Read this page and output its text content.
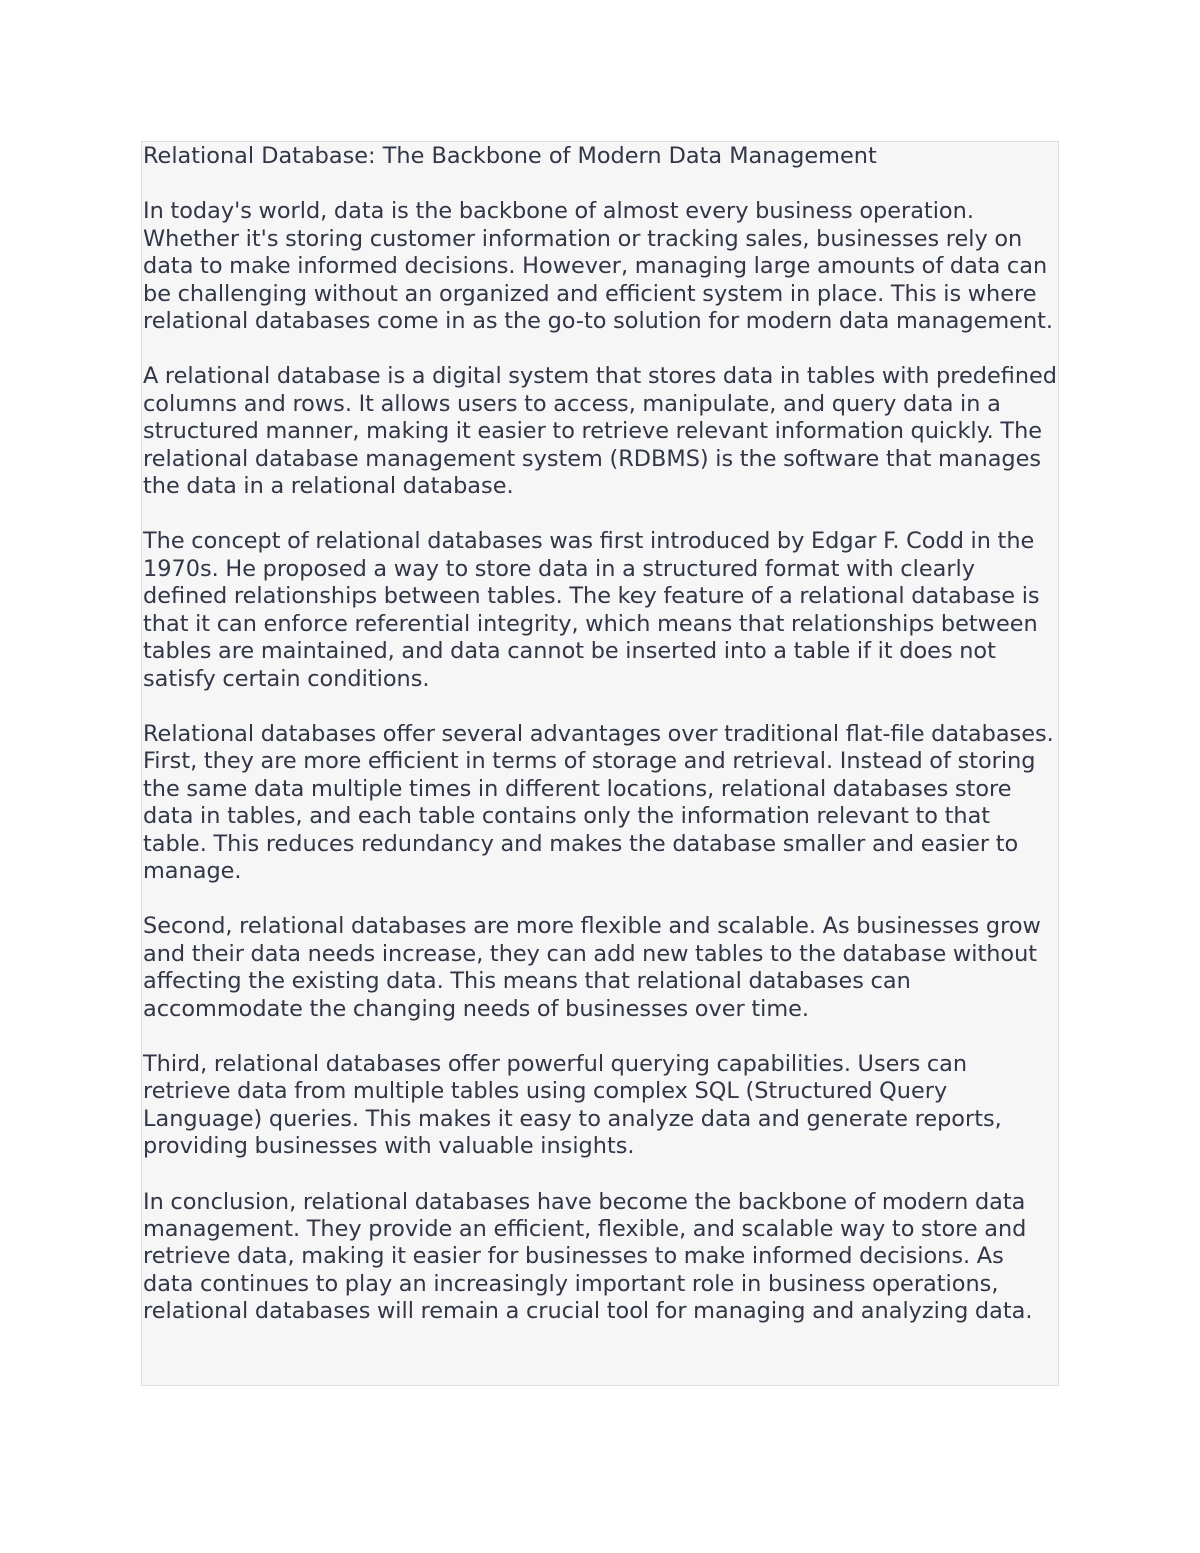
Relational Database: The Backbone of Modern Data Management

In today's world, data is the backbone of almost every business operation. Whether it's storing customer information or tracking sales, businesses rely on data to make informed decisions. However, managing large amounts of data can be challenging without an organized and efficient system in place. This is where relational databases come in as the go-to solution for modern data management.

A relational database is a digital system that stores data in tables with predefined columns and rows. It allows users to access, manipulate, and query data in a structured manner, making it easier to retrieve relevant information quickly. The relational database management system (RDBMS) is the software that manages the data in a relational database.

The concept of relational databases was first introduced by Edgar F. Codd in the 1970s. He proposed a way to store data in a structured format with clearly defined relationships between tables. The key feature of a relational database is that it can enforce referential integrity, which means that relationships between tables are maintained, and data cannot be inserted into a table if it does not satisfy certain conditions.

Relational databases offer several advantages over traditional flat-file databases. First, they are more efficient in terms of storage and retrieval. Instead of storing the same data multiple times in different locations, relational databases store data in tables, and each table contains only the information relevant to that table. This reduces redundancy and makes the database smaller and easier to manage.

Second, relational databases are more flexible and scalable. As businesses grow and their data needs increase, they can add new tables to the database without affecting the existing data. This means that relational databases can accommodate the changing needs of businesses over time.

Third, relational databases offer powerful querying capabilities. Users can retrieve data from multiple tables using complex SQL (Structured Query Language) queries. This makes it easy to analyze data and generate reports, providing businesses with valuable insights.

In conclusion, relational databases have become the backbone of modern data management. They provide an efficient, flexible, and scalable way to store and retrieve data, making it easier for businesses to make informed decisions. As data continues to play an increasingly important role in business operations, relational databases will remain a crucial tool for managing and analyzing data.
